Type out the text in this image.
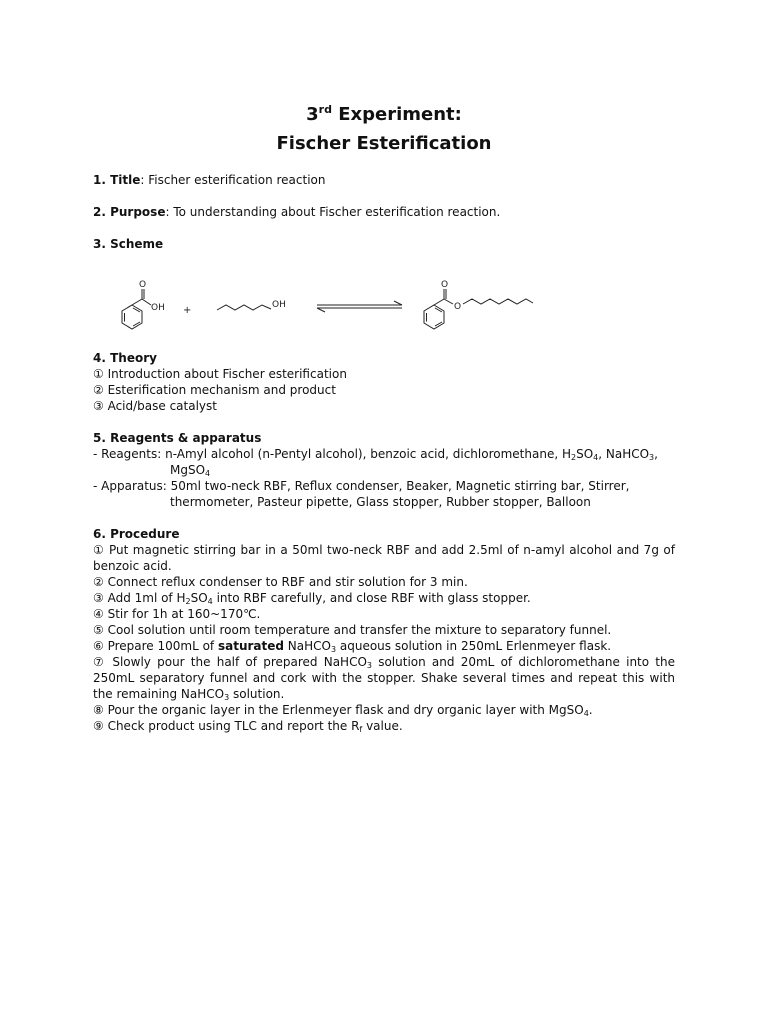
3rd Experiment:
Fischer Esterification

1. Title: Fischer esterification reaction

2. Purpose: To understanding about Fischer esterification reaction.

3. Scheme

O
OH +	OH
O
O

4. Theory

① Introduction about Fischer esterification

② Esterification mechanism and product

③ Acid/base catalyst

5. Reagents & apparatus

- Reagents: n-Amyl alcohol (n-Pentyl alcohol), benzoic acid, dichloromethane, $H_2SO_4$, NaHCO$_3$,

MgSO$_4$

- Apparatus: 50ml two-neck RBF, Reflux condenser, Beaker, Magnetic stirring bar, Stirrer,

thermometer, Pasteur pipette, Glass stopper, Rubber stopper, Balloon

6. Procedure

① Put magnetic stirring bar in a 50ml two-neck RBF and add 2.5ml of n-amyl alcohol and 7g of benzoic acid.

② Connect reflux condenser to RBF and stir solution for 3 min.

③ Add 1ml of $H_2SO_4$ into RBF carefully, and close RBF with glass stopper.

④ Stir for 1h at 160~170℃.

⑤ Cool solution until room temperature and transfer the mixture to separatory funnel.

⑥ Prepare 100mL of saturated NaHCO$_3$ aqueous solution in 250mL Erlenmeyer flask.

⑦ Slowly pour the half of prepared NaHCO$_3$ solution and 20mL of dichloromethane into the 250mL separatory funnel and cork with the stopper. Shake several times and repeat this with the remaining NaHCO$_3$ solution.

⑧ Pour the organic layer in the Erlenmeyer flask and dry organic layer with MgSO$_4$.

⑨ Check product using TLC and report the $R_f$ value.
